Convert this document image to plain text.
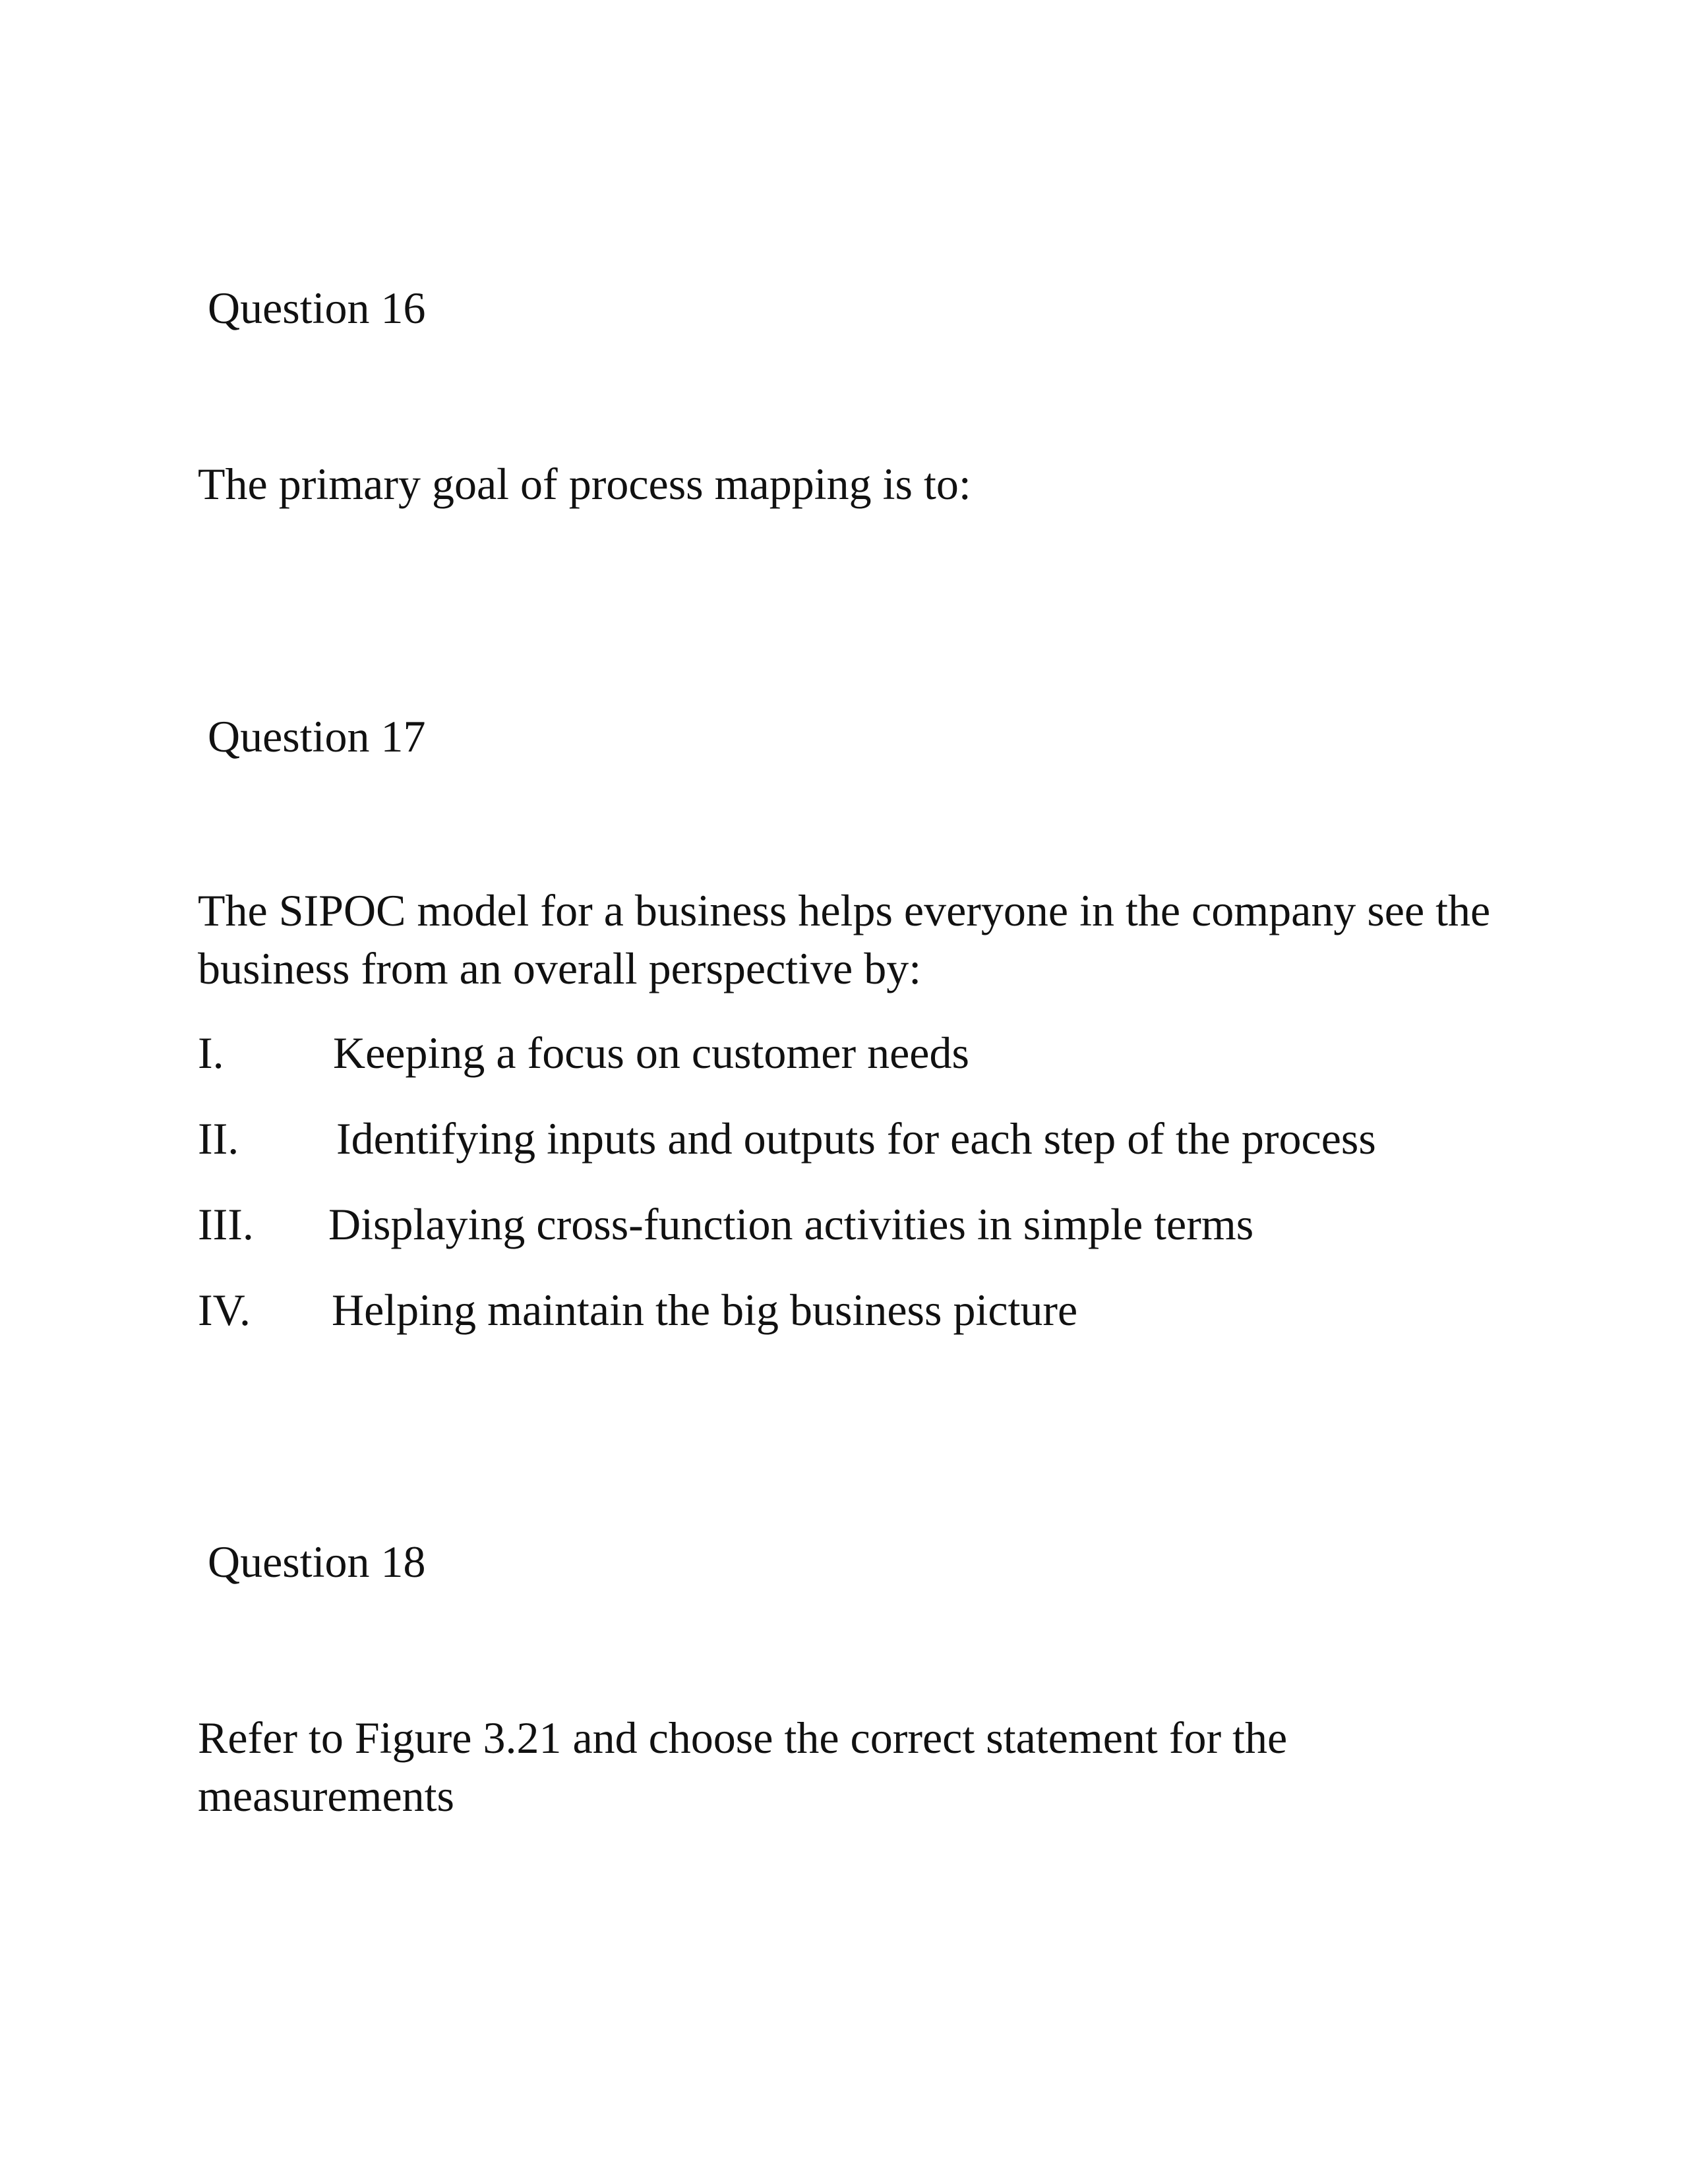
Question 16
The primary goal of process mapping is to:
Question 17
The SIPOC model for a business helps everyone in the company see the business from an overall perspective by:
I. Keeping a focus on customer needs
II. Identifying inputs and outputs for each step of the process
III. Displaying cross-function activities in simple terms
IV. Helping maintain the big business picture
Question 18
Refer to Figure 3.21 and choose the correct statement for the measurements
